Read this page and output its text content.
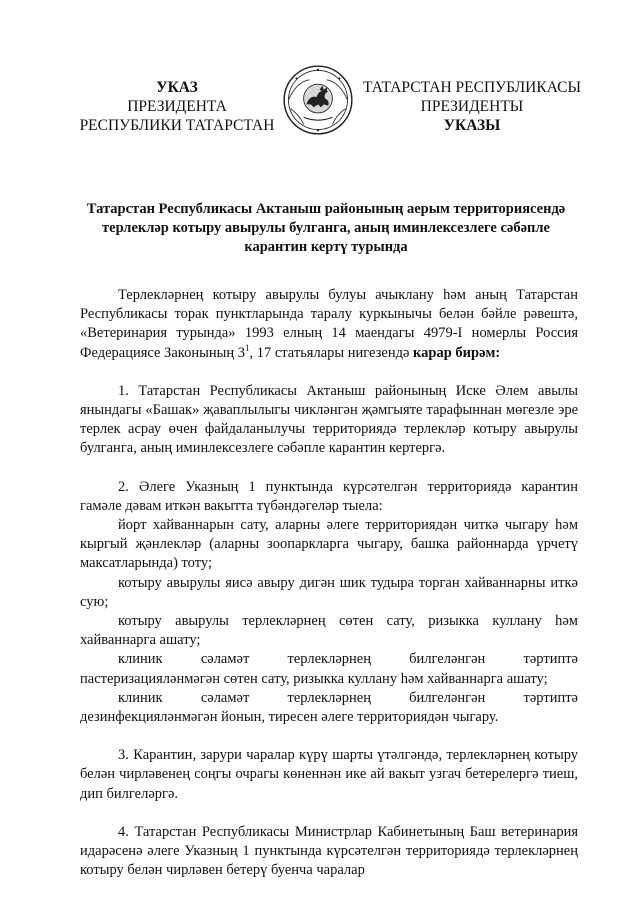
УКАЗ
ПРЕЗИДЕНТА
РЕСПУБЛИКИ ТАТАРСТАН
ТАТАРСТАН РЕСПУБЛИКАСЫ
ПРЕЗИДЕНТЫ
УКАЗЫ
Татарстан Республикасы Актаныш районының аерым территориясендә
терлекләр котыру авырулы булганга, аның иминлексезлеге сәбәпле
карантин кертү турында

Терлекләрнең котыру авырулы булуы ачыклану һәм аның Татарстан Республикасы торак пунктларында таралу куркынычы белән бәйле рәвештә, «Ветеринария турында» 1993 елның 14 маендагы 4979-I номерлы Россия Федерациясе Законының $3^1$, 17 статьялары нигезендә карар бирәм:

1. Татарстан Республикасы Актаныш районының Иске Әлем авылы янындагы «Башак» җаваплылыгы чикләнгән җәмгыяте тарафыннан мөгезле эре терлек асрау өчен файдаланылучы территориядә терлекләр котыру авырулы булганга, аның иминлексезлеге сәбәпле карантин кертергә.

2. Әлеге Указның 1 пунктында күрсәтелгән территориядә карантин гамәле дәвам иткән вакытта түбәндәгеләр тыела:

йорт хайваннарын сату, аларны әлеге территориядән читкә чыгару һәм кыргый җәнлекләр (аларны зоопаркларга чыгару, башка районнарда үрчетү максатларында) тоту;

котыру авырулы яисә авыру дигән шик тудыра торган хайваннарны иткә сую;

котыру авырулы терлекләрнең сөтен сату, ризыкка куллану һәм хайваннарга ашату;

клиник сәламәт терлекләрнең билгеләнгән тәртиптә пастеризацияләнмәгән сөтен сату, ризыкка куллану һәм хайваннарга ашату;

клиник сәламәт терлекләрнең билгеләнгән тәртиптә дезинфекцияләнмәгән йонын, тиресен әлеге территориядән чыгару.

3. Карантин, зарури чаралар күрү шарты үтәлгәндә, терлекләрнең котыру белән чирләвенең соңгы очрагы көненнән ике ай вакыт узгач бетерелергә тиеш, дип билгеләргә.

4. Татарстан Республикасы Министрлар Кабинетының Баш ветеринария идарәсенә әлеге Указның 1 пунктында күрсәтелгән территориядә терлекләрнең котыру белән чирләвен бетерү буенча чаралар
